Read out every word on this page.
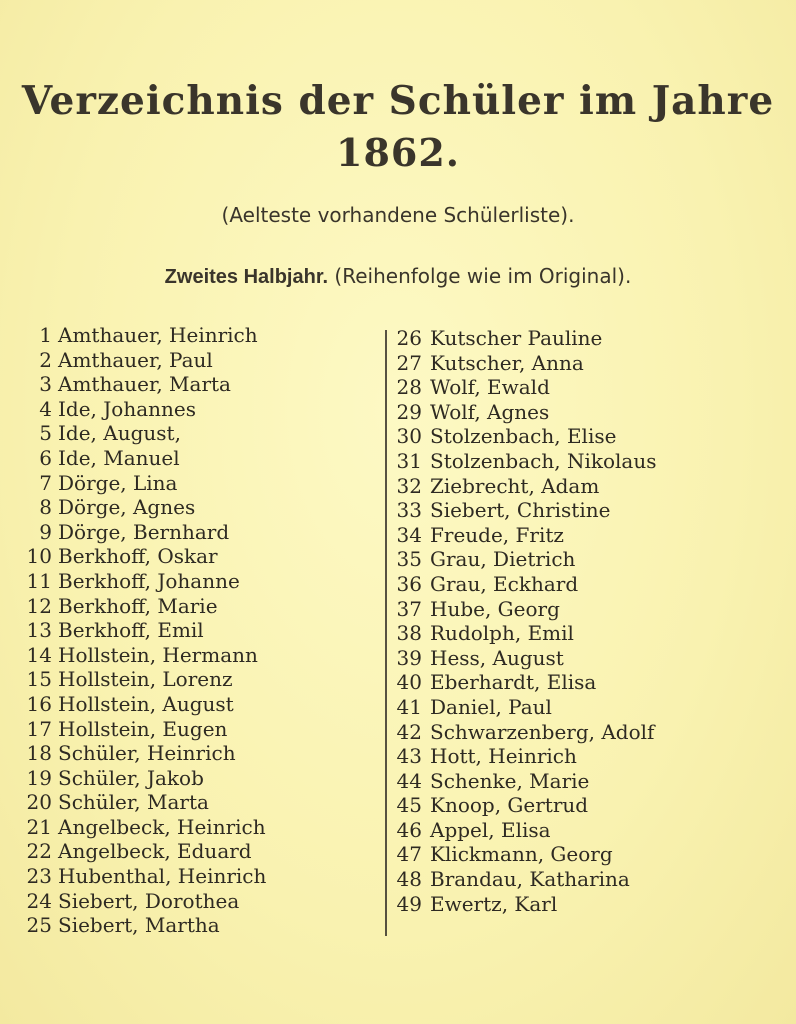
Verzeichnis der Schüler im Jahre
1862.
(Aelteste vorhandene Schülerliste).
Zweites Halbjahr. (Reihenfolge wie im Original).
1 Amthauer, Heinrich
2 Amthauer, Paul
3 Amthauer, Marta
4 Ide, Johannes
5 Ide, August,
6 Ide, Manuel
7 Dörge, Lina
8 Dörge, Agnes
9 Dörge, Bernhard
10 Berkhoff, Oskar
11 Berkhoff, Johanne
12 Berkhoff, Marie
13 Berkhoff, Emil
14 Hollstein, Hermann
15 Hollstein, Lorenz
16 Hollstein, August
17 Hollstein, Eugen
18 Schüler, Heinrich
19 Schüler, Jakob
20 Schüler, Marta
21 Angelbeck, Heinrich
22 Angelbeck, Eduard
23 Hubenthal, Heinrich
24 Siebert, Dorothea
25 Siebert, Martha
26 Kutscher Pauline
27 Kutscher, Anna
28 Wolf, Ewald
29 Wolf, Agnes
30 Stolzenbach, Elise
31 Stolzenbach, Nikolaus
32 Ziebrecht, Adam
33 Siebert, Christine
34 Freude, Fritz
35 Grau, Dietrich
36 Grau, Eckhard
37 Hube, Georg
38 Rudolph, Emil
39 Hess, August
40 Eberhardt, Elisa
41 Daniel, Paul
42 Schwarzenberg, Adolf
43 Hott, Heinrich
44 Schenke, Marie
45 Knoop, Gertrud
46 Appel, Elisa
47 Klickmann, Georg
48 Brandau, Katharina
49 Ewertz, Karl
